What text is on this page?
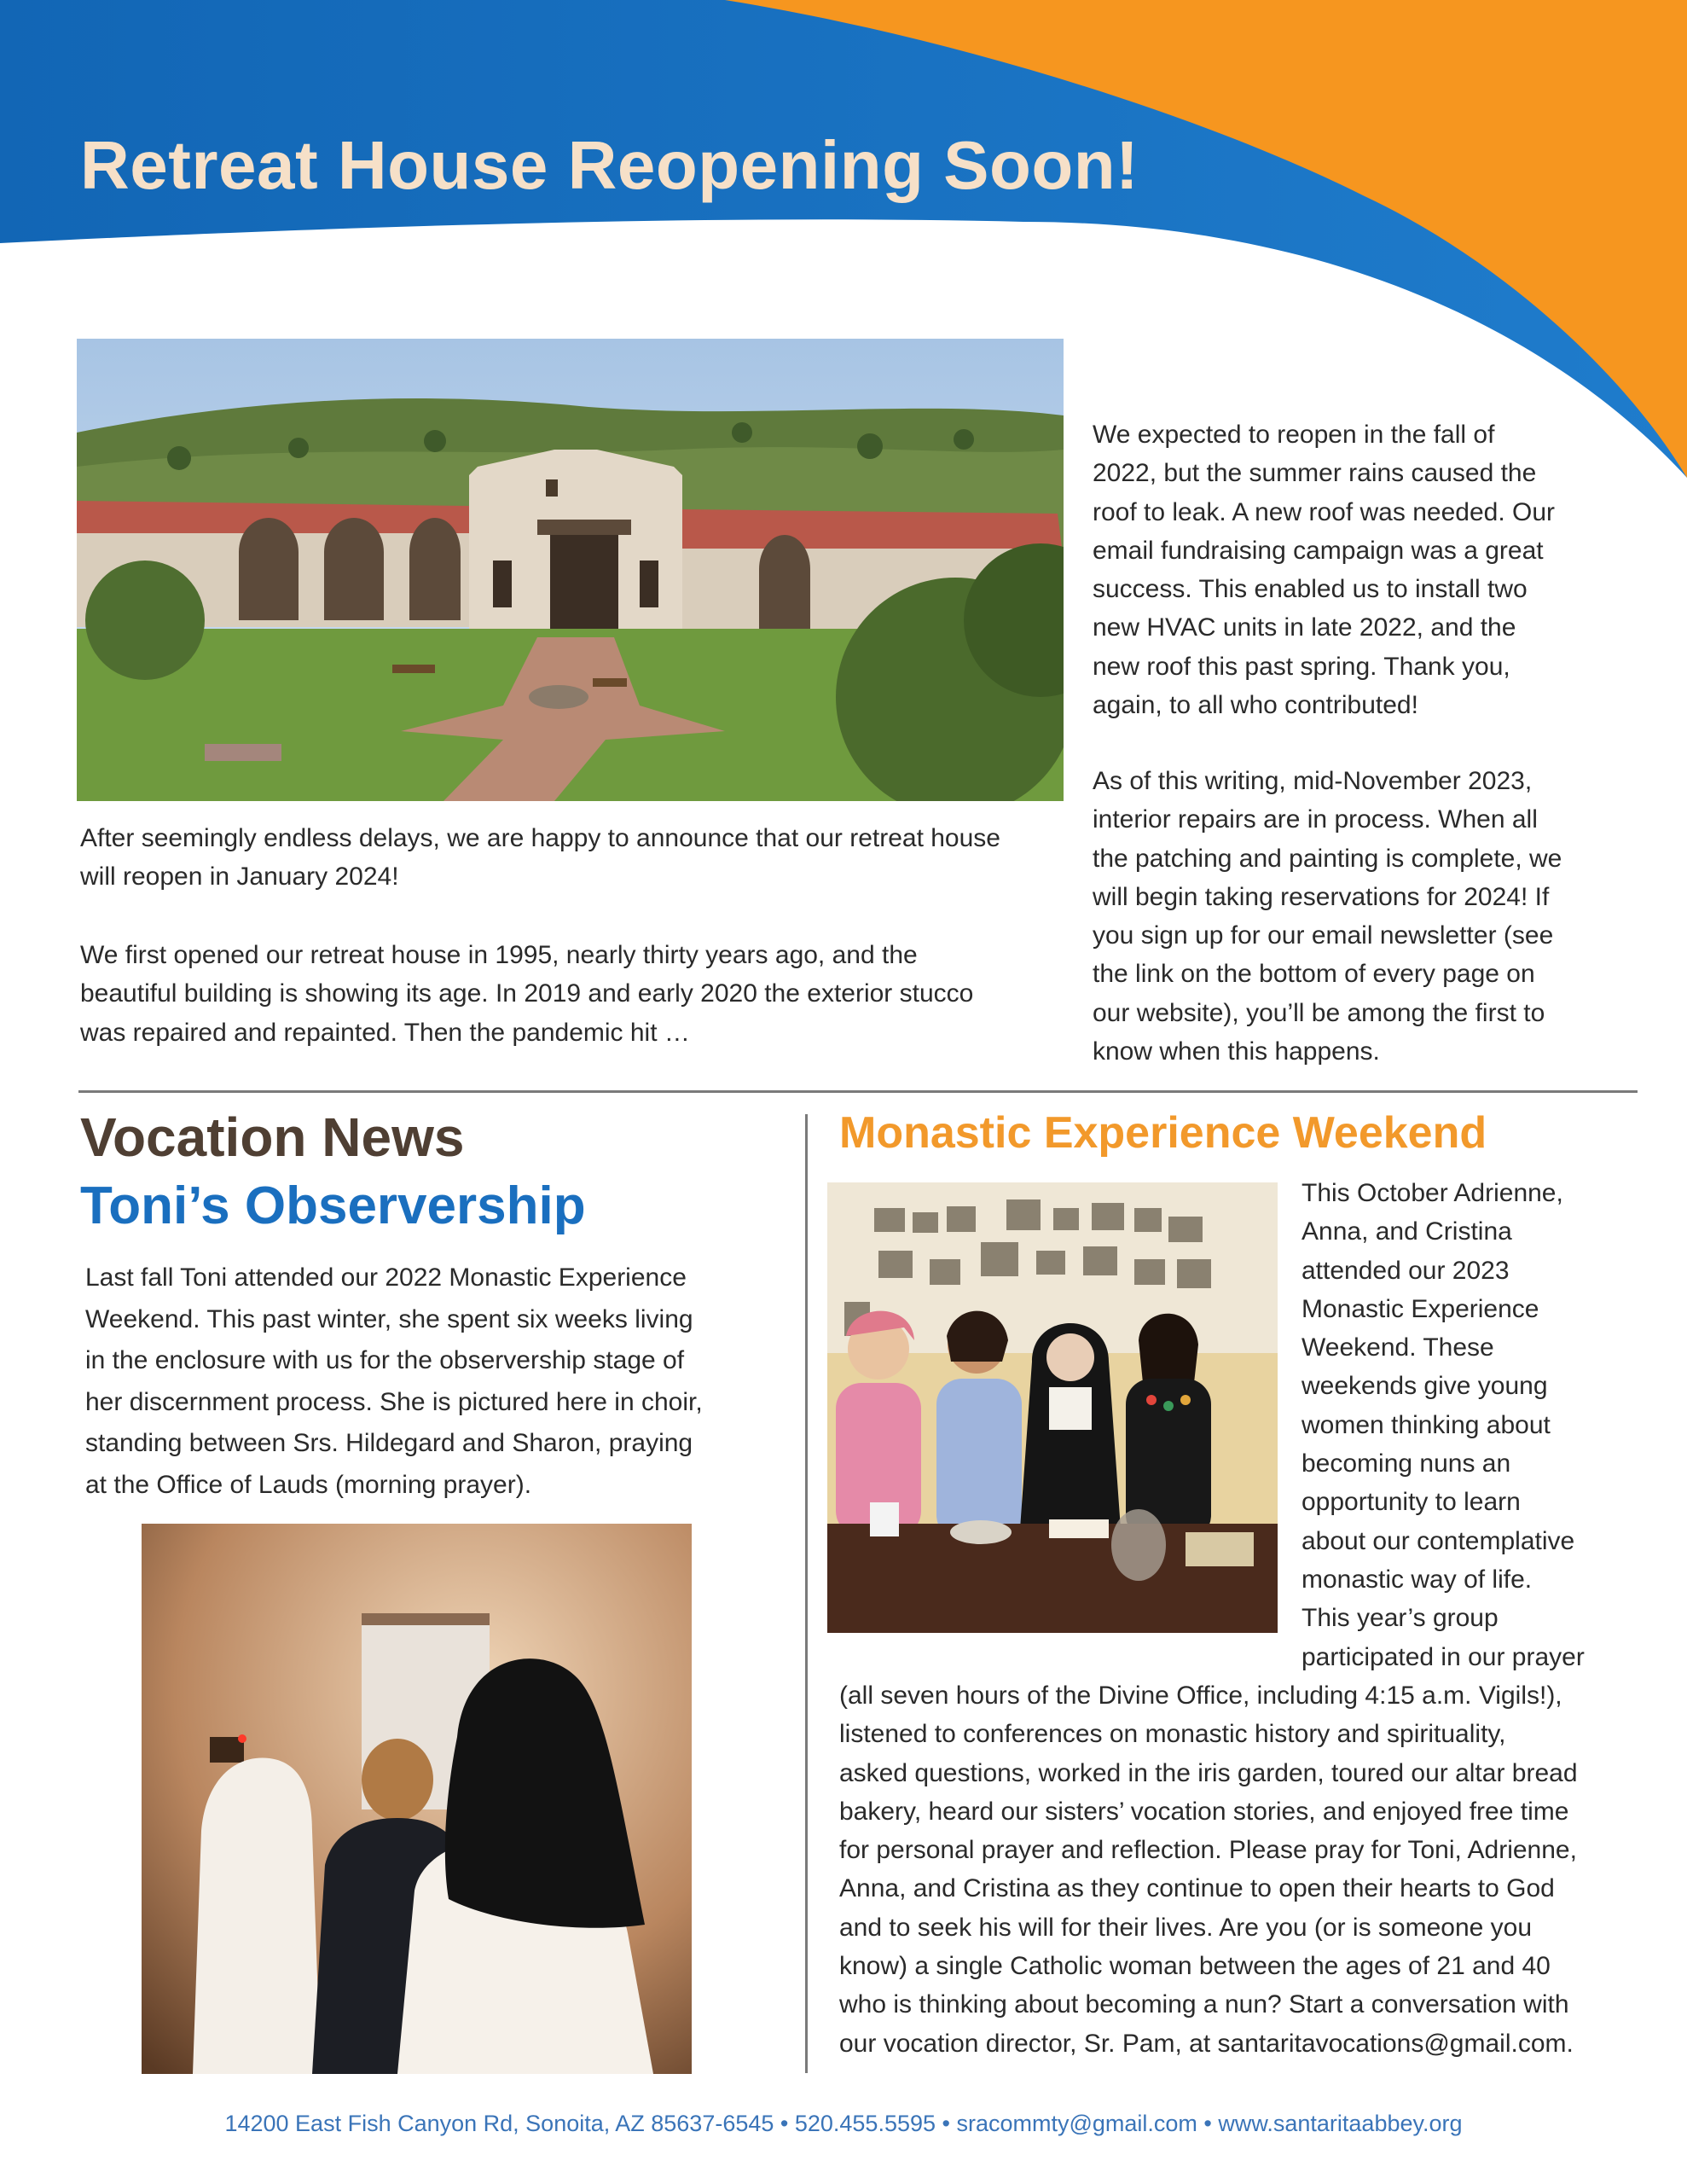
Retreat House Reopening Soon!
After seemingly endless delays, we are happy to announce that our retreat house
will reopen in January 2024!
We first opened our retreat house in 1995, nearly thirty years ago, and the
beautiful building is showing its age. In 2019 and early 2020 the exterior stucco
was repaired and repainted. Then the pandemic hit …
We expected to reopen in the fall of
2022, but the summer rains caused the
roof to leak. A new roof was needed. Our
email fundraising campaign was a great
success. This enabled us to install two
new HVAC units in late 2022, and the
new roof this past spring. Thank you,
again, to all who contributed!
As of this writing, mid-November 2023,
interior repairs are in process. When all
the patching and painting is complete, we
will begin taking reservations for 2024! If
you sign up for our email newsletter (see
the link on the bottom of every page on
our website), you’ll be among the first to
know when this happens.
Vocation News
Toni’s Observership
Last fall Toni attended our 2022 Monastic Experience
Weekend. This past winter, she spent six weeks living
in the enclosure with us for the observership stage of
her discernment process. She is pictured here in choir,
standing between Srs. Hildegard and Sharon, praying
at the Office of Lauds (morning prayer).
Monastic Experience Weekend
This October Adrienne,
Anna, and Cristina
attended our 2023
Monastic Experience
Weekend. These
weekends give young
women thinking about
becoming nuns an
opportunity to learn
about our contemplative
monastic way of life.
This year’s group
participated in our prayer
(all seven hours of the Divine Office, including 4:15 a.m. Vigils!),
listened to conferences on monastic history and spirituality,
asked questions, worked in the iris garden, toured our altar bread
bakery, heard our sisters’ vocation stories, and enjoyed free time
for personal prayer and reflection. Please pray for Toni, Adrienne,
Anna, and Cristina as they continue to open their hearts to God
and to seek his will for their lives. Are you (or is someone you
know) a single Catholic woman between the ages of 21 and 40
who is thinking about becoming a nun? Start a conversation with
our vocation director, Sr. Pam, at santaritavocations@gmail.com.
14200 East Fish Canyon Rd, Sonoita, AZ 85637-6545 • 520.455.5595 • sracommty@gmail.com • www.santaritaabbey.org
